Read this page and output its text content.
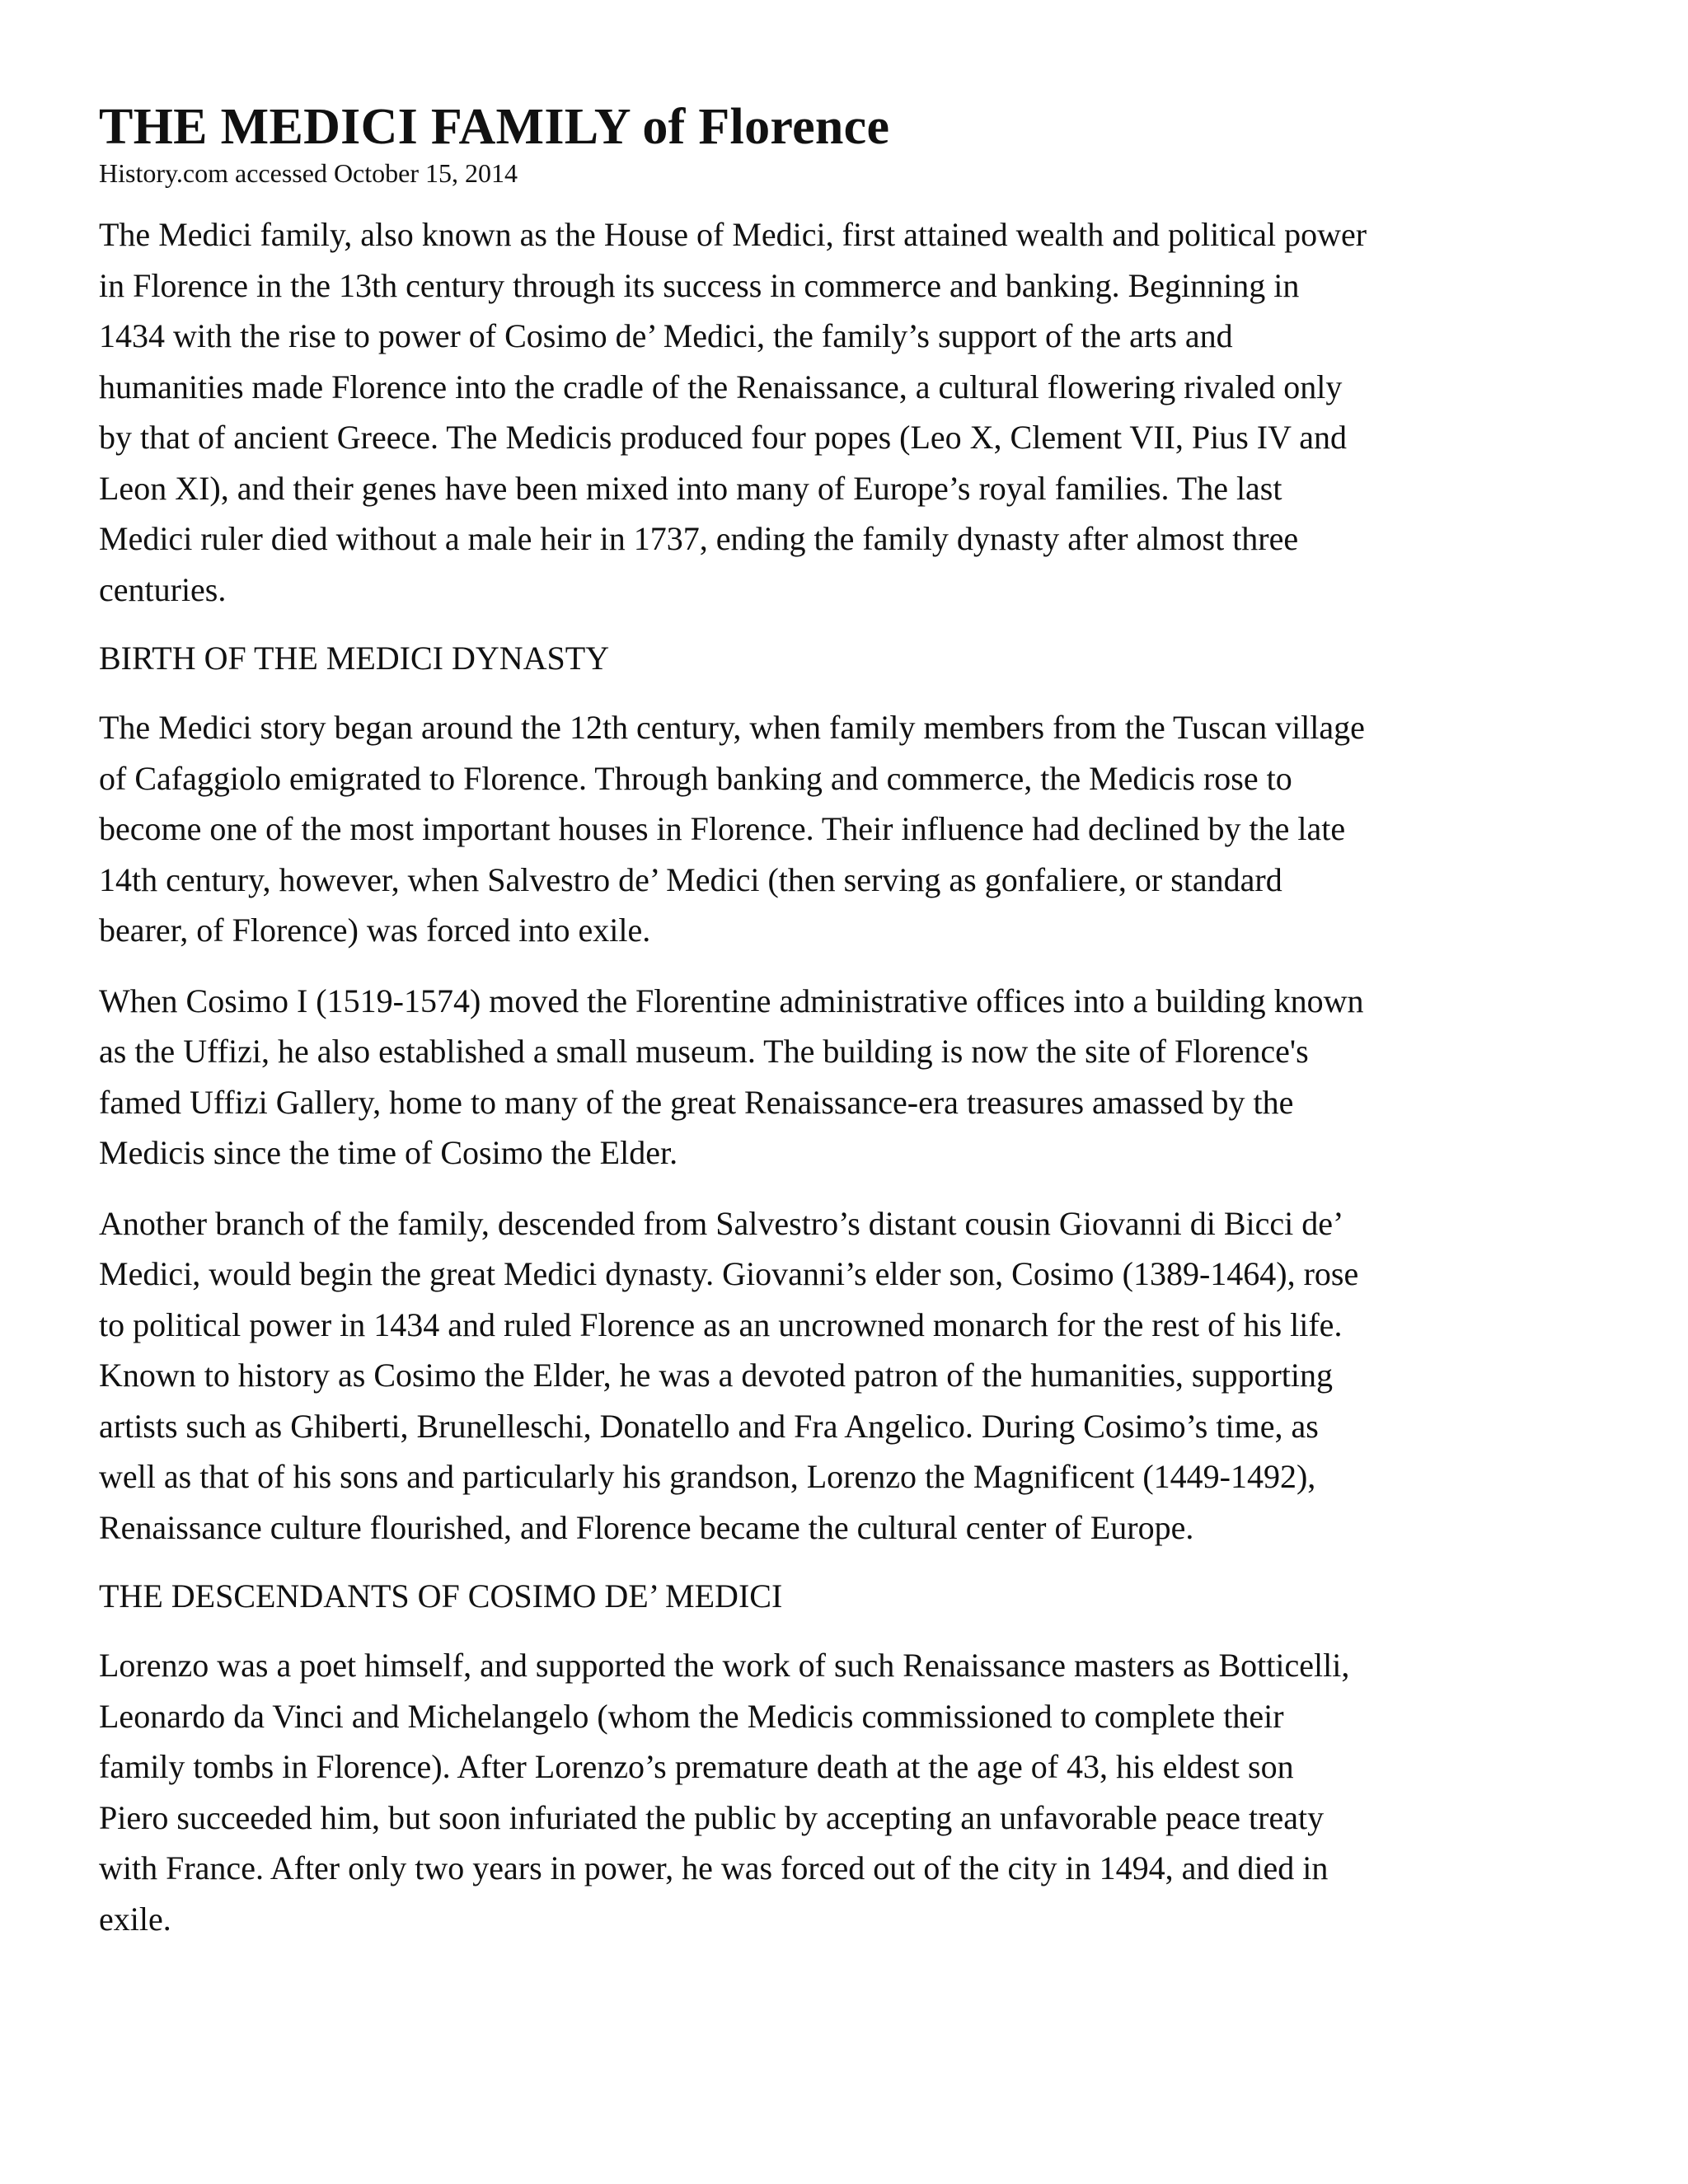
THE MEDICI FAMILY of Florence

History.com accessed October 15, 2014

The Medici family, also known as the House of Medici, first attained wealth and political power
in Florence in the 13th century through its success in commerce and banking. Beginning in
1434 with the rise to power of Cosimo de’ Medici, the family’s support of the arts and
humanities made Florence into the cradle of the Renaissance, a cultural flowering rivaled only
by that of ancient Greece. The Medicis produced four popes (Leo X, Clement VII, Pius IV and
Leon XI), and their genes have been mixed into many of Europe’s royal families. The last
Medici ruler died without a male heir in 1737, ending the family dynasty after almost three
centuries.
BIRTH OF THE MEDICI DYNASTY
The Medici story began around the 12th century, when family members from the Tuscan village
of Cafaggiolo emigrated to Florence. Through banking and commerce, the Medicis rose to
become one of the most important houses in Florence. Their influence had declined by the late
14th century, however, when Salvestro de’ Medici (then serving as gonfaliere, or standard
bearer, of Florence) was forced into exile.
When Cosimo I (1519-1574) moved the Florentine administrative offices into a building known
as the Uffizi, he also established a small museum. The building is now the site of Florence's
famed Uffizi Gallery, home to many of the great Renaissance-era treasures amassed by the
Medicis since the time of Cosimo the Elder.
Another branch of the family, descended from Salvestro’s distant cousin Giovanni di Bicci de’
Medici, would begin the great Medici dynasty. Giovanni’s elder son, Cosimo (1389-1464), rose
to political power in 1434 and ruled Florence as an uncrowned monarch for the rest of his life.
Known to history as Cosimo the Elder, he was a devoted patron of the humanities, supporting
artists such as Ghiberti, Brunelleschi, Donatello and Fra Angelico. During Cosimo’s time, as
well as that of his sons and particularly his grandson, Lorenzo the Magnificent (1449-1492),
Renaissance culture flourished, and Florence became the cultural center of Europe.
THE DESCENDANTS OF COSIMO DE’ MEDICI
Lorenzo was a poet himself, and supported the work of such Renaissance masters as Botticelli,
Leonardo da Vinci and Michelangelo (whom the Medicis commissioned to complete their
family tombs in Florence). After Lorenzo’s premature death at the age of 43, his eldest son
Piero succeeded him, but soon infuriated the public by accepting an unfavorable peace treaty
with France. After only two years in power, he was forced out of the city in 1494, and died in
exile.
